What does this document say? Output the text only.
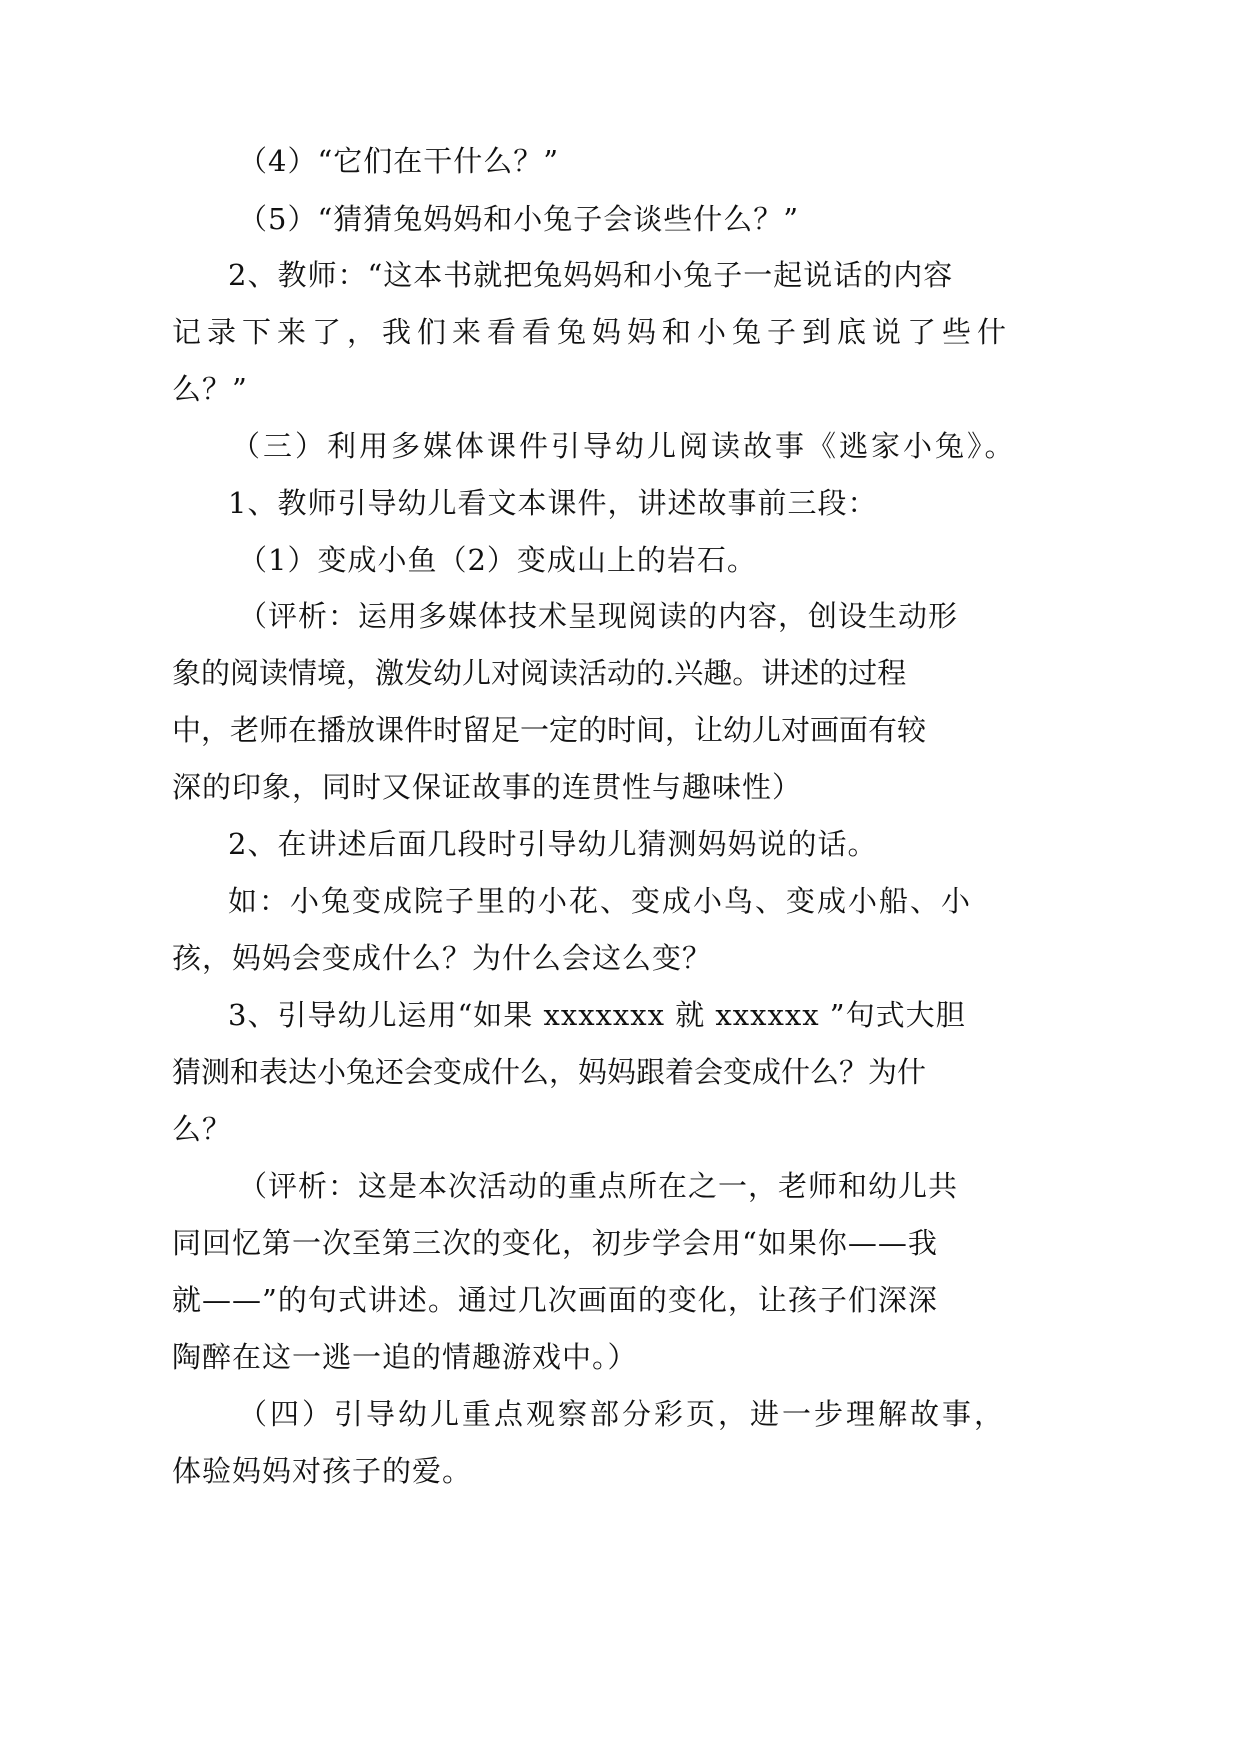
（4）“它们在干什么？”

（5）“猜猜兔妈妈和小兔子会谈些什么？”

2、教师：“这本书就把兔妈妈和小兔子一起说话的内容

记录下来了，我们来看看兔妈妈和小兔子到底说了些什

么？”

（三）利用多媒体课件引导幼儿阅读故事《逃家小兔》。

1、教师引导幼儿看文本课件，讲述故事前三段：

（1）变成小鱼（2）变成山上的岩石。

（评析：运用多媒体技术呈现阅读的内容，创设生动形

象的阅读情境，激发幼儿对阅读活动的.兴趣。讲述的过程

中，老师在播放课件时留足一定的时间，让幼儿对画面有较

深的印象，同时又保证故事的连贯性与趣味性）

2、在讲述后面几段时引导幼儿猜测妈妈说的话。

如：小兔变成院子里的小花、变成小鸟、变成小船、小

孩，妈妈会变成什么？为什么会这么变？

3、引导幼儿运用“如果 xxxxxxx 就 xxxxxx ”句式大胆

猜测和表达小兔还会变成什么，妈妈跟着会变成什么？为什

么？

（评析：这是本次活动的重点所在之一，老师和幼儿共

同回忆第一次至第三次的变化，初步学会用“如果你——我

就——”的句式讲述。通过几次画面的变化，让孩子们深深

陶醉在这一逃一追的情趣游戏中。）

（四）引导幼儿重点观察部分彩页，进一步理解故事，

体验妈妈对孩子的爱。
